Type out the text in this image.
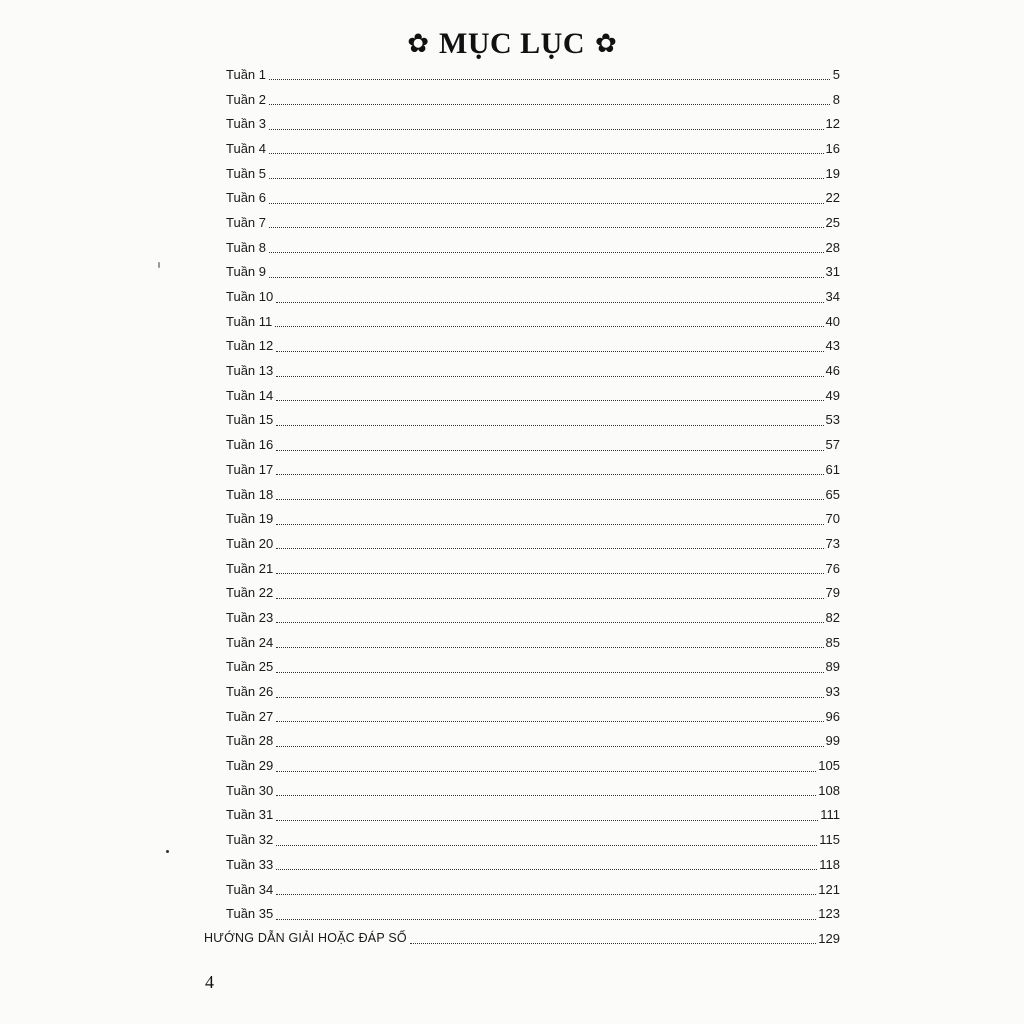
✿ MỤC LỤC ✿
Tuần 1	5
Tuần 2	8
Tuần 3	12
Tuần 4	16
Tuần 5	19
Tuần 6	22
Tuần 7	25
Tuần 8	28
Tuần 9	31
Tuần 10	34
Tuần 11	40
Tuần 12	43
Tuần 13	46
Tuần 14	49
Tuần 15	53
Tuần 16	57
Tuần 17	61
Tuần 18	65
Tuần 19	70
Tuần 20	73
Tuần 21	76
Tuần 22	79
Tuần 23	82
Tuần 24	85
Tuần 25	89
Tuần 26	93
Tuần 27	96
Tuần 28	99
Tuần 29	105
Tuần 30	108
Tuần 31	111
Tuần 32	115
Tuần 33	118
Tuần 34	121
Tuần 35	123
HƯỚNG DẪN GIẢI HOẶC ĐÁP SỐ	129
4
